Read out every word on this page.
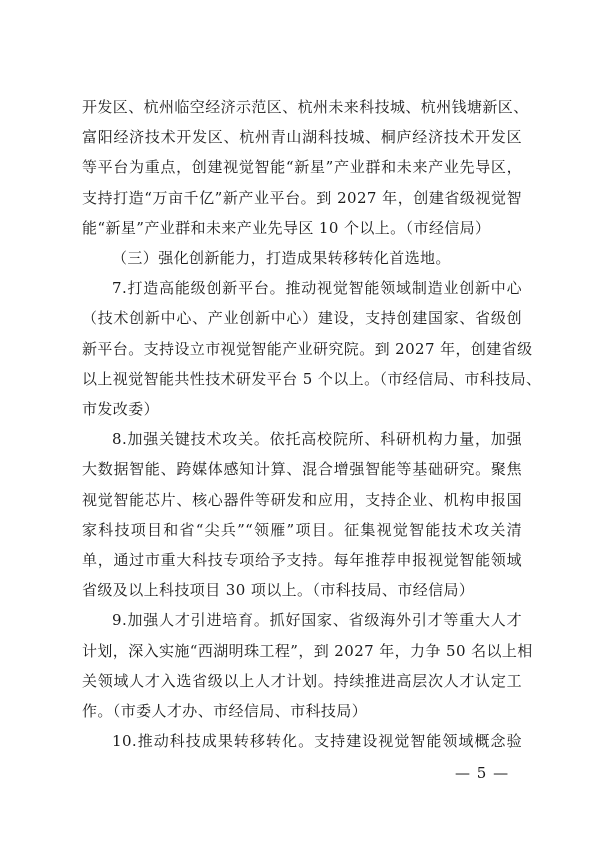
开发区、杭州临空经济示范区、杭州未来科技城、杭州钱塘新区、
富阳经济技术开发区、杭州青山湖科技城、桐庐经济技术开发区
等平台为重点，创建视觉智能“新星”产业群和未来产业先导区，
支持打造“万亩千亿”新产业平台。到 2027 年，创建省级视觉智
能“新星”产业群和未来产业先导区 10 个以上。（市经信局）
（三）强化创新能力，打造成果转移转化首选地。
7.打造高能级创新平台。推动视觉智能领域制造业创新中心
（技术创新中心、产业创新中心）建设，支持创建国家、省级创
新平台。支持设立市视觉智能产业研究院。到 2027 年，创建省级
以上视觉智能共性技术研发平台 5 个以上。（市经信局、市科技局、
市发改委）
8.加强关键技术攻关。依托高校院所、科研机构力量，加强
大数据智能、跨媒体感知计算、混合增强智能等基础研究。聚焦
视觉智能芯片、核心器件等研发和应用，支持企业、机构申报国
家科技项目和省“尖兵”“领雁”项目。征集视觉智能技术攻关清
单，通过市重大科技专项给予支持。每年推荐申报视觉智能领域
省级及以上科技项目 30 项以上。（市科技局、市经信局）
9.加强人才引进培育。抓好国家、省级海外引才等重大人才
计划，深入实施“西湖明珠工程”，到 2027 年，力争 50 名以上相
关领域人才入选省级以上人才计划。持续推进高层次人才认定工
作。（市委人才办、市经信局、市科技局）
10.推动科技成果转移转化。支持建设视觉智能领域概念验
— 5 —
